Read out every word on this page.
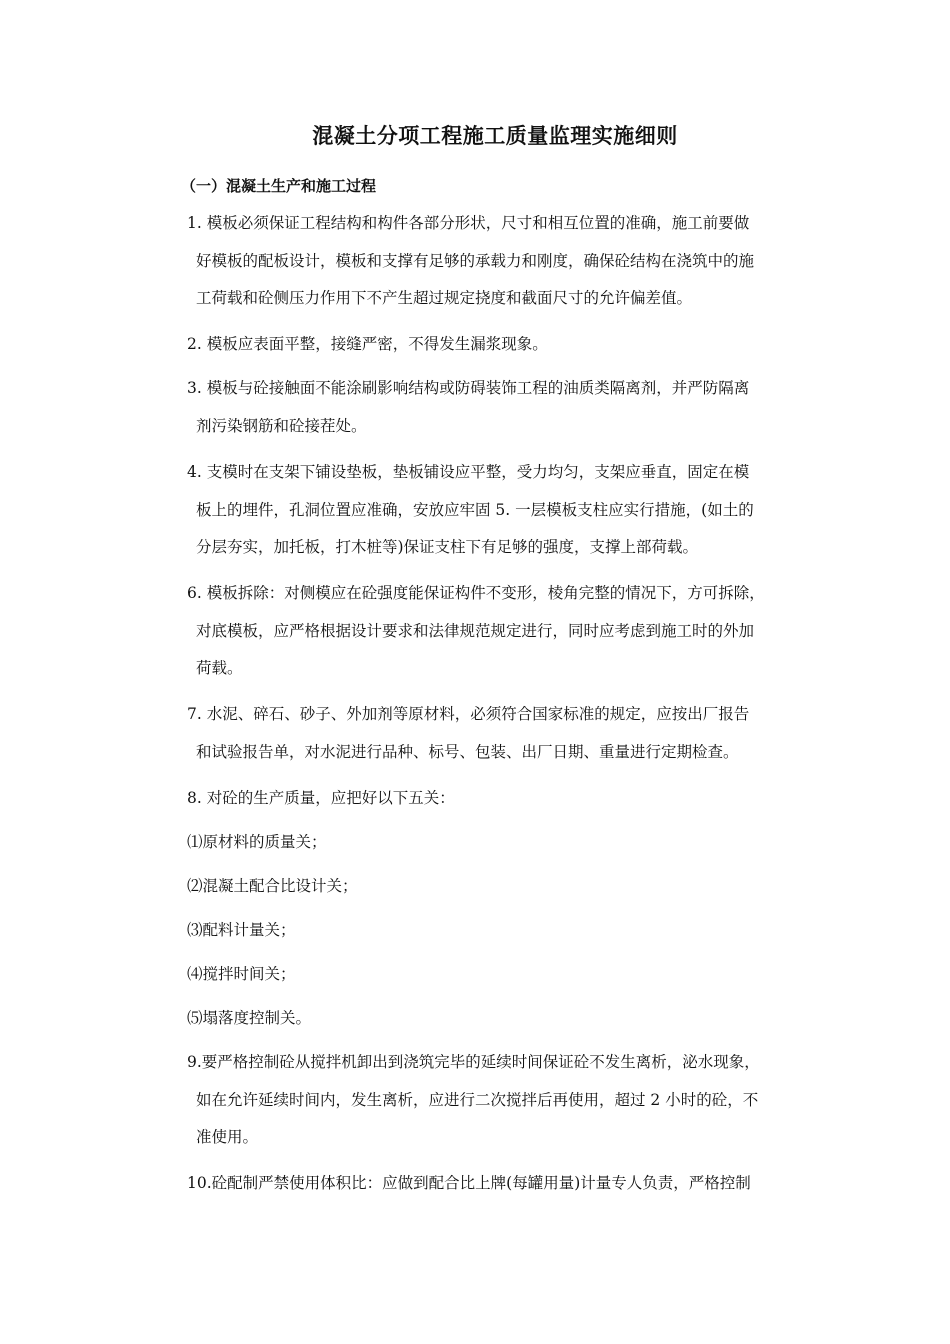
混凝土分项工程施工质量监理实施细则
（一）混凝土生产和施工过程
1. 模板必须保证工程结构和构件各部分形状，尺寸和相互位置的准确，施工前要做
好模板的配板设计，模板和支撑有足够的承载力和刚度，确保砼结构在浇筑中的施
工荷载和砼侧压力作用下不产生超过规定挠度和截面尺寸的允许偏差值。
2. 模板应表面平整，接缝严密，不得发生漏浆现象。
3. 模板与砼接触面不能涂刷影响结构或防碍装饰工程的油质类隔离剂，并严防隔离
剂污染钢筋和砼接茬处。
4. 支模时在支架下铺设垫板，垫板铺设应平整，受力均匀，支架应垂直，固定在模
板上的埋件，孔洞位置应准确，安放应牢固 5. 一层模板支柱应实行措施，(如土的
分层夯实，加托板，打木桩等)保证支柱下有足够的强度，支撑上部荷载。
6. 模板拆除：对侧模应在砼强度能保证构件不变形，棱角完整的情况下，方可拆除，
对底模板，应严格根据设计要求和法律规范规定进行，同时应考虑到施工时的外加
荷载。
7. 水泥、碎石、砂子、外加剂等原材料，必须符合国家标准的规定，应按出厂报告
和试验报告单，对水泥进行品种、标号、包装、出厂日期、重量进行定期检查。
8. 对砼的生产质量，应把好以下五关：
⑴原材料的质量关；
⑵混凝土配合比设计关；
⑶配料计量关；
⑷搅拌时间关；
⑸塌落度控制关。
9.要严格控制砼从搅拌机卸出到浇筑完毕的延续时间保证砼不发生离析，泌水现象，
如在允许延续时间内，发生离析，应进行二次搅拌后再使用，超过 2 小时的砼，不
准使用。
10.砼配制严禁使用体积比：应做到配合比上牌(每罐用量)计量专人负责，严格控制
